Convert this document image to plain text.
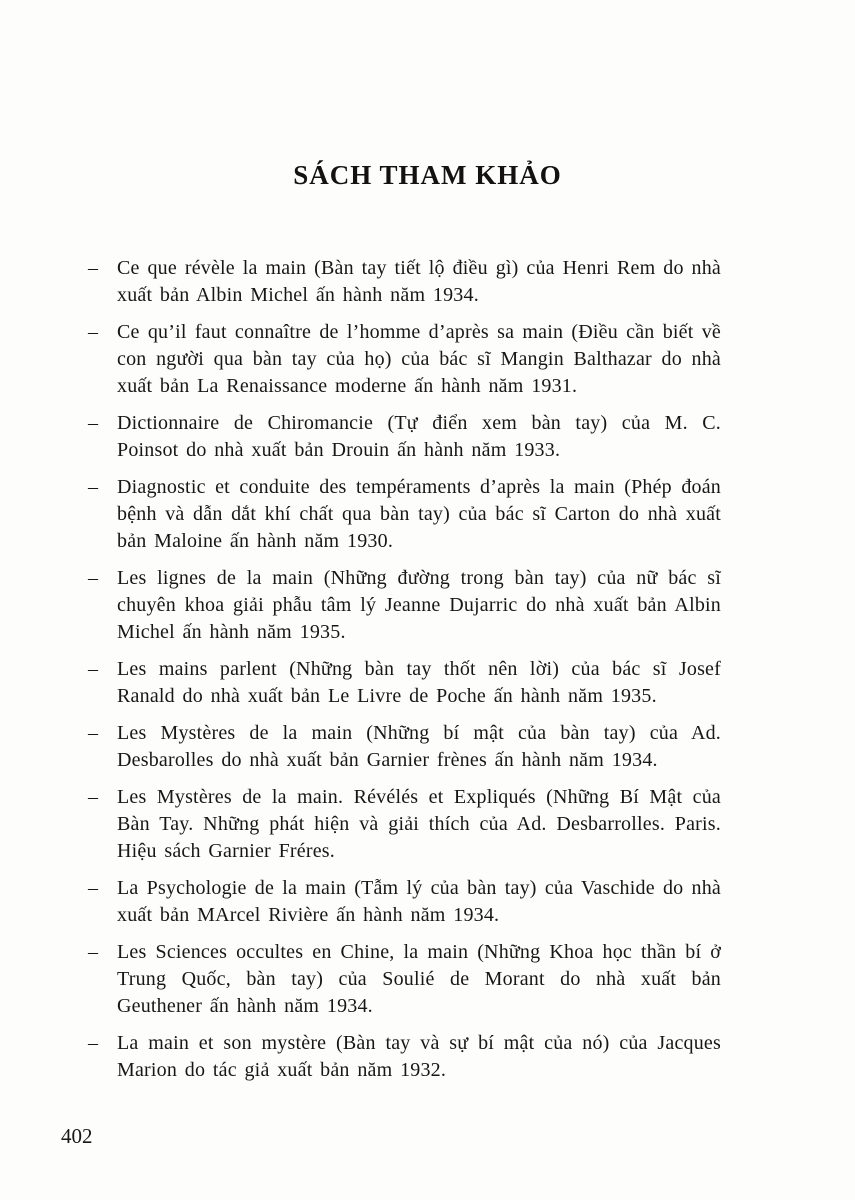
SÁCH THAM KHẢO
– Ce que révèle la main (Bàn tay tiết lộ điều gì) của Henri Rem do nhà xuất bản Albin Michel ấn hành năm 1934.

– Ce qu’il faut connaître de l’homme d’après sa main (Điều cần biết về con người qua bàn tay của họ) của bác sĩ Mangin Balthazar do nhà xuất bản La Renaissance moderne ấn hành năm 1931.

– Dictionnaire de Chiromancie (Tự điển xem bàn tay) của M. C. Poinsot do nhà xuất bản Drouin ấn hành năm 1933.

– Diagnostic et conduite des tempéraments d’après la main (Phép đoán bệnh và dẫn dắt khí chất qua bàn tay) của bác sĩ Carton do nhà xuất bản Maloine ấn hành năm 1930.

– Les lignes de la main (Những đường trong bàn tay) của nữ bác sĩ chuyên khoa giải phẫu tâm lý Jeanne Dujarric do nhà xuất bản Albin Michel ấn hành năm 1935.

– Les mains parlent (Những bàn tay thốt nên lời) của bác sĩ Josef Ranald do nhà xuất bản Le Livre de Poche ấn hành năm 1935.

– Les Mystères de la main (Những bí mật của bàn tay) của Ad. Desbarolles do nhà xuất bản Garnier frènes ấn hành năm 1934.

– Les Mystères de la main. Révélés et Expliqués (Những Bí Mật của Bàn Tay. Những phát hiện và giải thích của Ad. Desbarrolles. Paris. Hiệu sách Garnier Fréres.

– La Psychologie de la main (Tẫm lý của bàn tay) của Vaschide do nhà xuất bản MArcel Rivière ấn hành năm 1934.

– Les Sciences occultes en Chine, la main (Những Khoa học thần bí ở Trung Quốc, bàn tay) của Soulié de Morant do nhà xuất bản Geuthener ấn hành năm 1934.

– La main et son mystère (Bàn tay và sự bí mật của nó) của Jacques Marion do tác giả xuất bản năm 1932.

402
